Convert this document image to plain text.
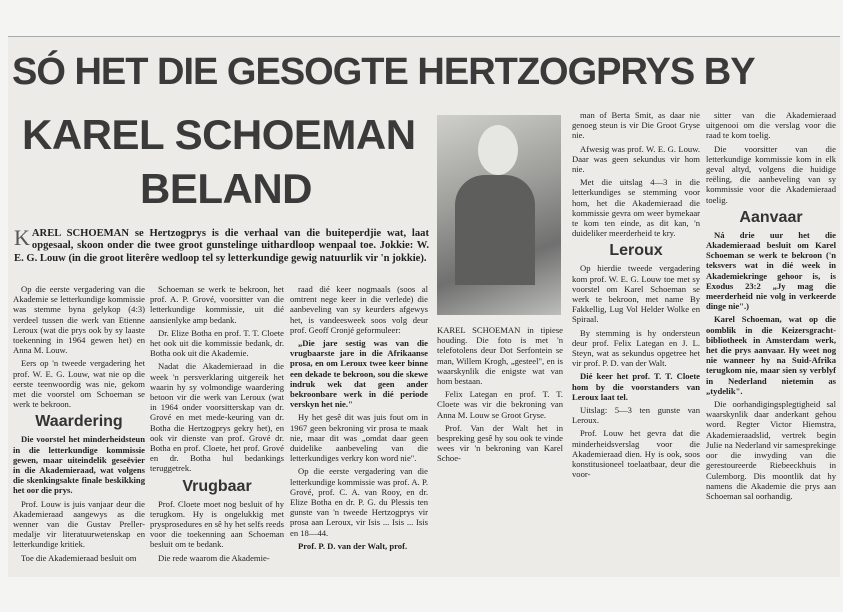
SÓ HET DIE GESOGTE HERTZOGPRYS BY
KAREL SCHOEMAN
BELAND
KAREL SCHOEMAN se Hertzogprys is die verhaal van die buiteperdjie wat, laat opgesaal, skoon onder die twee groot gunstelinge uithardloop wenpaal toe. Jokkie: W. E. G. Louw (in die groot literêre wedloop tel sy letterkundige gewig natuurlik vir 'n jokkie).

Op die eerste vergadering van die Akademie se letterkundige kommissie was stemme byna gelykop (4:3) verdeel tussen die werk van Etienne Leroux (wat die prys ook by sy laaste toekenning in 1964 gewen het) en Anna M. Louw.

Eers op 'n tweede vergadering het prof. W. E. G. Louw, wat nie op die eerste teenwoordig was nie, gekom met die voorstel om Schoeman se werk te bekroon.

Waardering

Die voorstel het minderheidsteun in die letterkundige kommissie gewen, maar uiteindelik geseëvier in die Akademieraad, wat volgens die skenkingsakte finale beskikking het oor die prys.

Prof. Louw is juis vanjaar deur die Akademieraad aangewys as die wenner van die Gustav Preller-medalje vir literatuurwetenskap en letterkundige kritiek.

Toe die Akademieraad besluit om

Schoeman se werk te bekroon, het prof. A. P. Grové, voorsitter van die letterkundige kommissie, uit dié aansienlyke amp bedank.

Dr. Elize Botha en prof. T. T. Cloete het ook uit die kommissie bedank, dr. Botha ook uit die Akademie.

Nadat die Akademieraad in die week 'n persverklaring uitgereik het waarin hy sy volmondige waardering betoon vir die werk van Leroux (wat in 1964 onder voorsitterskap van dr. Grové en met mede-keuring van dr. Botha die Hertzogprys gekry het), en ook vir dienste van prof. Grové dr. Botha en prof. Cloete, het prof. Grové en dr. Botha hul bedankings teruggetrek.

Vrugbaar

Prof. Cloete moet nog besluit of hy terugkom. Hy is ongelukkig met prysprosedures en sê hy het selfs reeds voor die toekenning aan Schoeman besluit om te bedank.

Die rede waarom die Akademie-

raad dié keer nogmaals (soos al omtrent nege keer in die verlede) die aanbeveling van sy keurders afgewys het, is vandeesweek soos volg deur prof. Geoff Cronjé geformuleer:

„Die jare sestig was van die vrugbaarste jare in die Afrikaanse prosa, en om Leroux twee keer binne een dekade te bekroon, sou die skewe indruk wek dat geen ander bekroonbare werk in dié periode verskyn het nie."

Hy het gesê dit was juis fout om in 1967 geen bekroning vir prosa te maak nie, maar dit was „omdat daar geen duidelike aanbeveling van die letterkundiges verkry kon word nie".

Op die eerste vergadering van die letterkundige kommissie was prof. A. P. Grové, prof. C. A. van Rooy, en dr. Elize Botha en dr. P. G. du Plessis ten gunste van 'n tweede Hertzogprys vir prosa aan Leroux, vir Isis ... Isis ... Isis en 18—44.

Prof. P. D. van der Walt, prof.

KAREL SCHOEMAN in tipiese houding. Die foto is met 'n telefotolens deur Dot Serfontein se man, Willem Krogh, „gesteel", en is waarskynlik die enigste wat van hom bestaan.

Felix Lategan en prof. T. T. Cloete was vir die bekroning van Anna M. Louw se Groot Gryse.

Prof. Van der Walt het in bespreking gesê hy sou ook te vinde wees vir 'n bekroning van Karel Schoe-

man of Berta Smit, as daar nie genoeg steun is vir Die Groot Gryse nie.

Afwesig was prof. W. E. G. Louw. Daar was geen sekundus vir hom nie.

Met die uitslag 4—3 in die letterkundiges se stemming voor hom, het die Akademieraad die kommissie gevra om weer bymekaar te kom ten einde, as dit kan, 'n duideliker meerderheid te kry.

Leroux

Op hierdie tweede vergadering kom prof. W. E. G. Louw toe met sy voorstel om Karel Schoeman se werk te bekroon, met name By Fakkellig, Lug Vol Helder Wolke en Spiraal.

By stemming is hy ondersteun deur prof. Felix Lategan en J. L. Steyn, wat as sekundus opgetree het vir prof. P. D. van der Walt.

Dié keer het prof. T. T. Cloete hom by die voorstanders van Leroux laat tel.

Uitslag: 5—3 ten gunste van Leroux.

Prof. Louw het gevra dat die minderheidsverslag voor die Akademieraad dien. Hy is ook, soos konstitusioneel toelaatbaar, deur die voor-

sitter van die Akademieraad uitgenooi om die verslag voor die raad te kom toelig.

Die voorsitter van die letterkundige kommissie kom in elk geval altyd, volgens die huidige reëling, die aanbeveling van sy kommissie voor die Akademieraad toelig.

Aanvaar

Ná drie uur het die Akademieraad besluit om Karel Schoeman se werk te bekroon ('n teksvers wat in dié week in Akademiekringe gehoor is, is Exodus 23:2 „Jy mag die meerderheid nie volg in verkeerde dinge nie".)

Karel Schoeman, wat op die oomblik in die Keizersgracht-bibliotheek in Amsterdam werk, het die prys aanvaar. Hy weet nog nie wanneer hy na Suid-Afrika terugkom nie, maar sien sy verblyf in Nederland nietemin as „tydelik".

Die oorhandigingsplegtigheid sal waarskynlik daar anderkant gehou word. Regter Victor Hiemstra, Akademieraadslid, vertrek begin Julie na Nederland vir samesprekinge oor die inwyding van die gerestoureerde Riebeeckhuis in Culemborg. Dis moontlik dat hy namens die Akademie die prys aan Schoeman sal oorhandig.
